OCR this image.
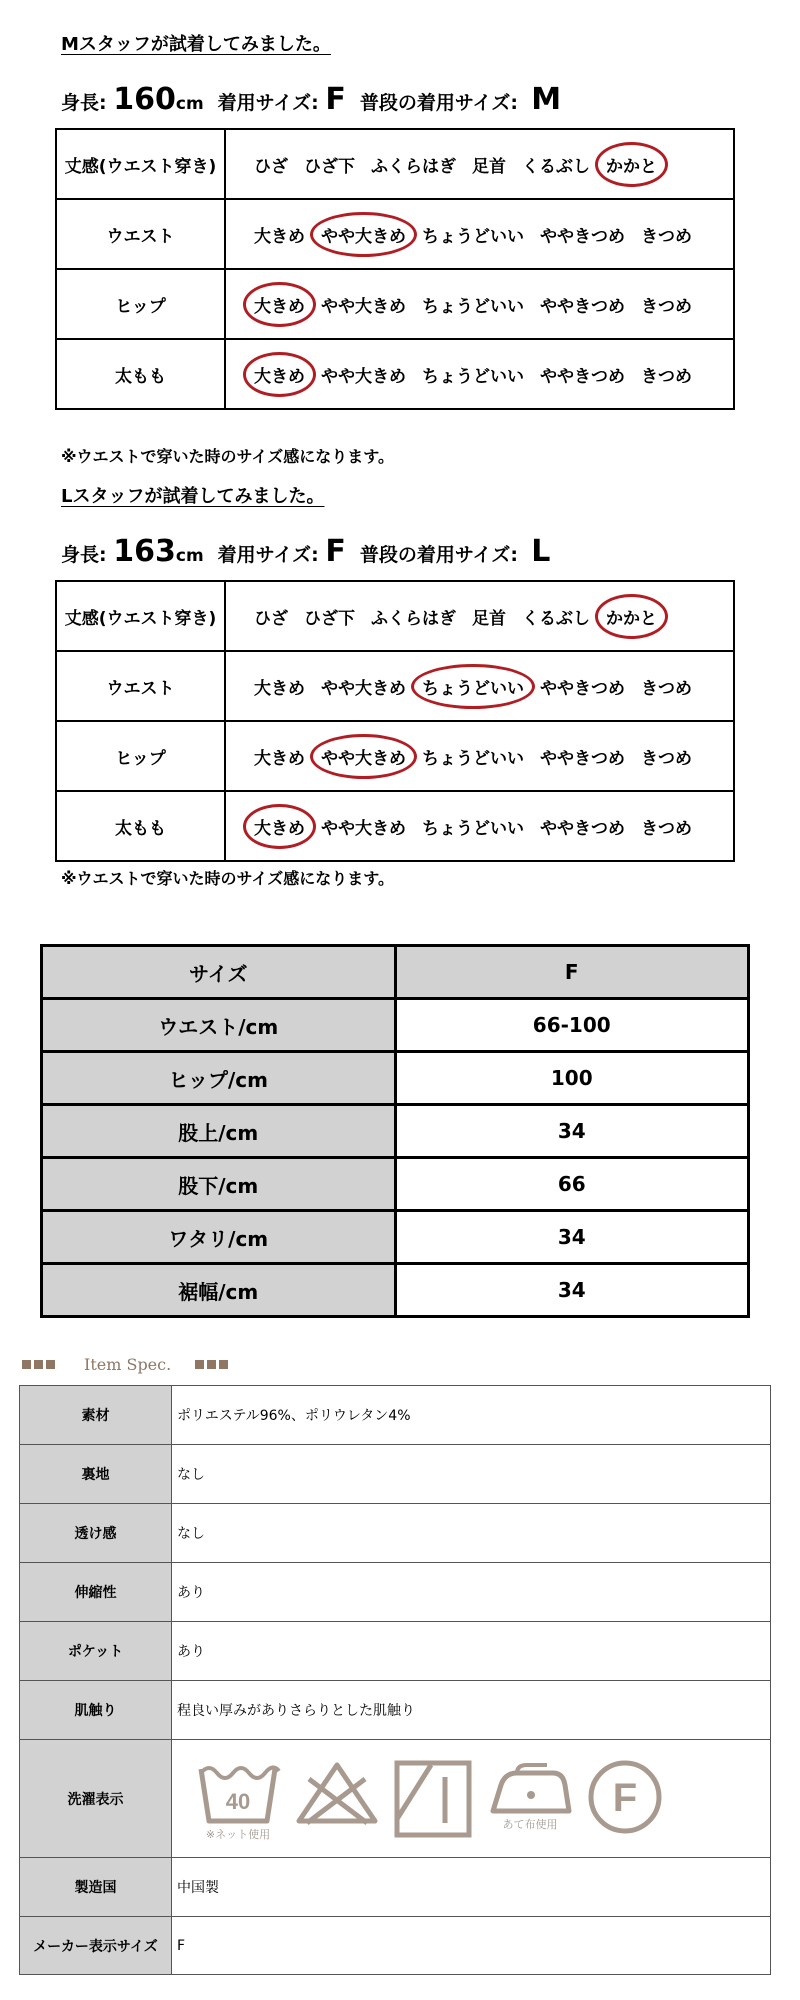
Mスタッフが試着してみました。
身長 :
160 cm 着用サイズ :
F 普段の着用サイズ :
M
丈感(ウエスト穿き)	ひざ ひざ下 ふくらはぎ 足首 くるぶし かかと
ウエスト	大きめ やや大きめ ちょうどいい ややきつめ きつめ
ヒップ	大きめ やや大きめ ちょうどいい ややきつめ きつめ
太もも	大きめ やや大きめ ちょうどいい ややきつめ きつめ
※ウエストで穿いた時のサイズ感になります。
Lスタッフが試着してみました。
身長 :
163 cm 着用サイズ :
F 普段の着用サイズ :
L
丈感(ウエスト穿き)	ひざ ひざ下 ふくらはぎ 足首 くるぶし かかと
ウエスト	大きめ やや大きめ ちょうどいい ややきつめ きつめ
ヒップ	大きめ やや大きめ ちょうどいい ややきつめ きつめ
太もも	大きめ やや大きめ ちょうどいい ややきつめ きつめ
※ウエストで穿いた時のサイズ感になります。
サイズ	F
ウエスト/cm	66-100
ヒップ/cm	100
股上/cm	34
股下/cm	66
ワタリ/cm	34
裾幅/cm	34
Item Spec.
素材	ポリエステル96%、ポリウレタン4%
裏地	なし
透け感	なし
伸縮性	あり
ポケット	あり
肌触り	程良い厚みがありさらりとした肌触り
洗濯表示	40
※ネット使用
あて布使用
F

製造国	中国製
メーカー表示サイズ	F
